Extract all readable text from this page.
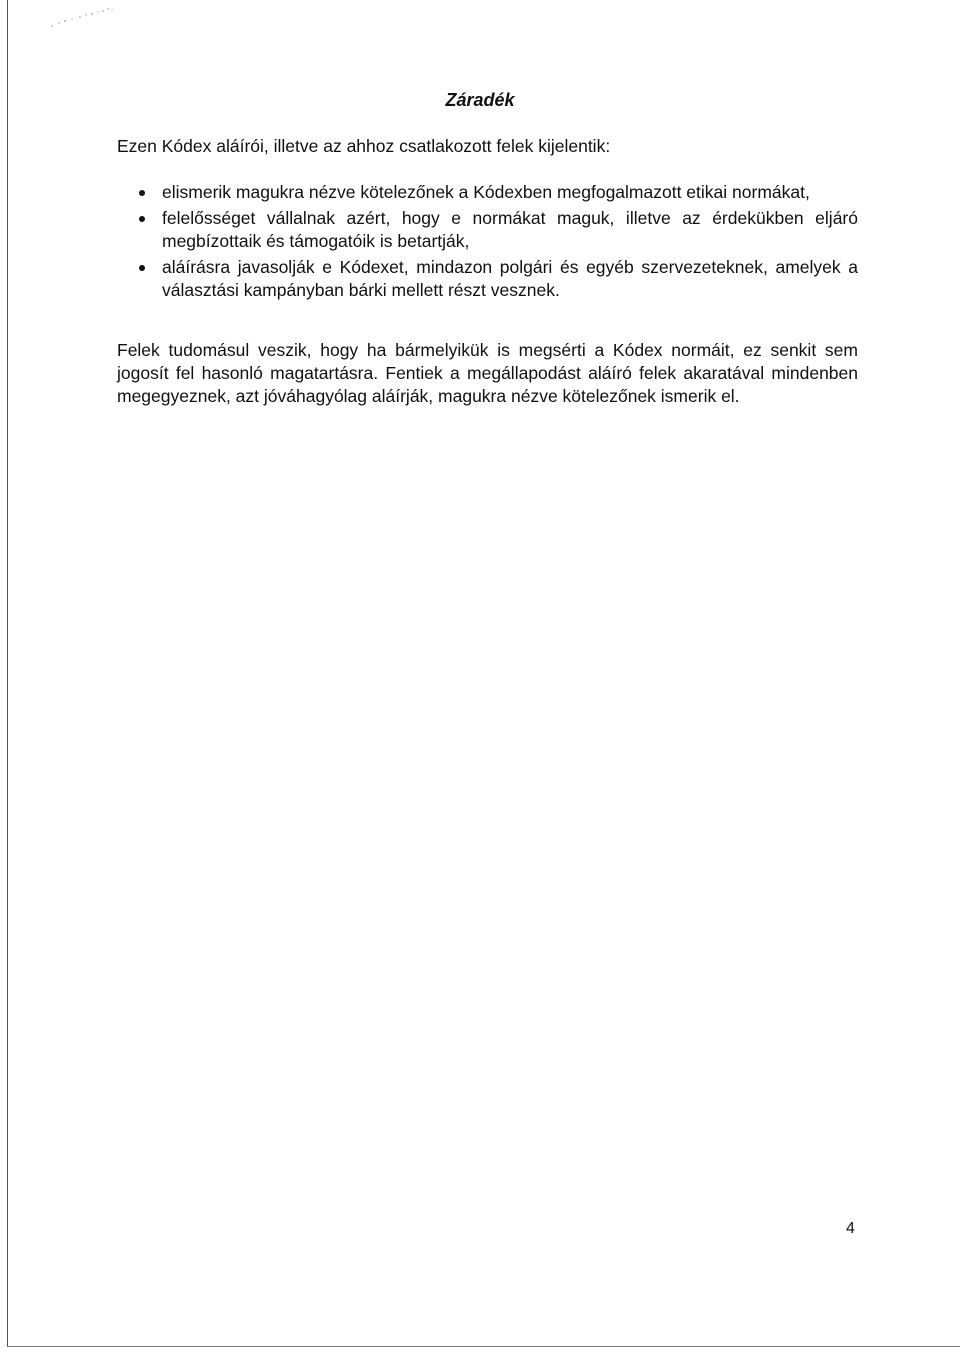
Záradék
Ezen Kódex aláírói, illetve az ahhoz csatlakozott felek kijelentik:
elismerik magukra nézve kötelezőnek a Kódexben megfogalmazott etikai normákat,
felelősséget vállalnak azért, hogy e normákat maguk, illetve az érdekükben eljáró megbízottaik és támogatóik is betartják,
aláírásra javasolják e Kódexet, mindazon polgári és egyéb szervezeteknek, amelyek a választási kampányban bárki mellett részt vesznek.

Felek tudomásul veszik, hogy ha bármelyikük is megsérti a Kódex normáit, ez senkit sem jogosít fel hasonló magatartásra. Fentiek a megállapodást aláíró felek akaratával mindenben megegyeznek, azt jóváhagyólag aláírják, magukra nézve kötelezőnek ismerik el.

4
